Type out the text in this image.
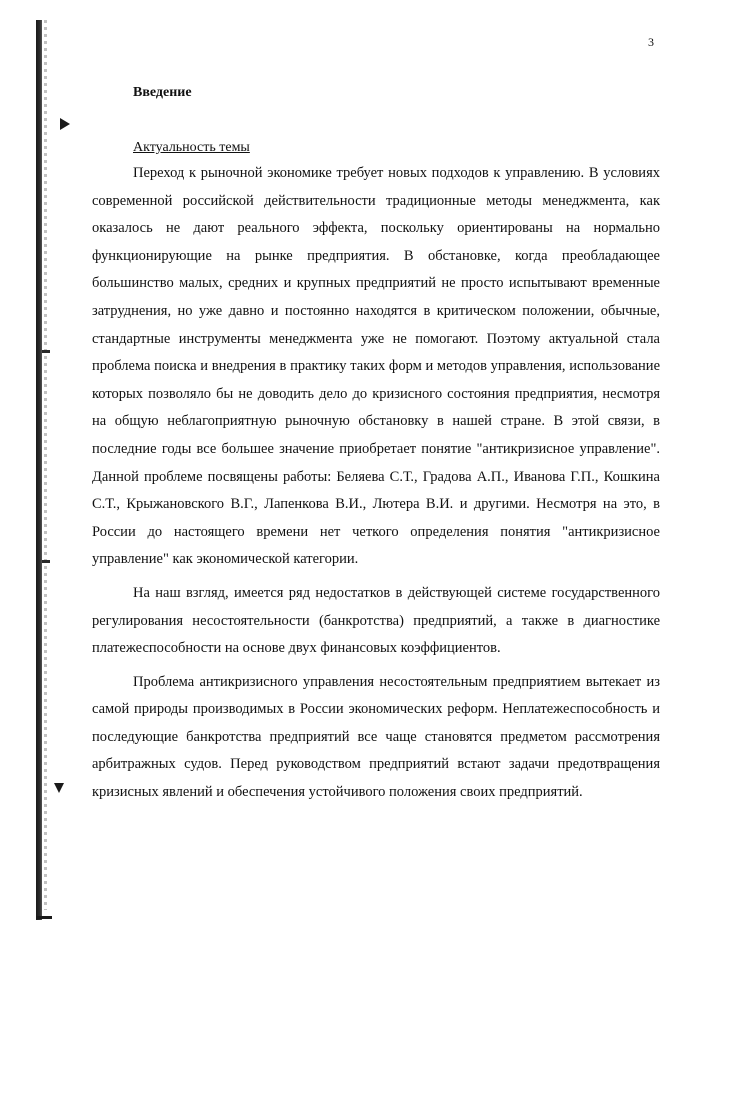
3
Введение
Актуальность темы

Переход к рыночной экономике требует новых подходов к управлению. В условиях современной российской действительности традиционные методы менеджмента, как оказалось не дают реального эффекта, поскольку ориентированы на нормально функционирующие на рынке предприятия. В обстановке, когда преобладающее большинство малых, средних и крупных предприятий не просто испытывают временные затруднения, но уже давно и постоянно находятся в критическом положении, обычные, стандартные инструменты менеджмента уже не помогают. Поэтому актуальной стала проблема поиска и внедрения в практику таких форм и методов управления, использование которых позволяло бы не доводить дело до кризисного состояния предприятия, несмотря на общую неблагоприятную рыночную обстановку в нашей стране. В этой связи, в последние годы все большее значение приобретает понятие "антикризисное управление". Данной проблеме посвящены работы: Беляева С.Т., Градова А.П., Иванова Г.П., Кошкина С.Т., Крыжановского В.Г., Лапенкова В.И., Лютера В.И. и другими. Несмотря на это, в России до настоящего времени нет четкого определения понятия "антикризисное управление" как экономической категории.

На наш взгляд, имеется ряд недостатков в действующей системе государственного регулирования несостоятельности (банкротства) предприятий, а также в диагностике платежеспособности на основе двух финансовых коэффициентов.

Проблема антикризисного управления несостоятельным предприятием вытекает из самой природы производимых в России экономических реформ. Неплатежеспособность и последующие банкротства предприятий все чаще становятся предметом рассмотрения арбитражных судов. Перед руководством предприятий встают задачи предотвращения кризисных явлений и обеспечения устойчивого положения своих предприятий.
